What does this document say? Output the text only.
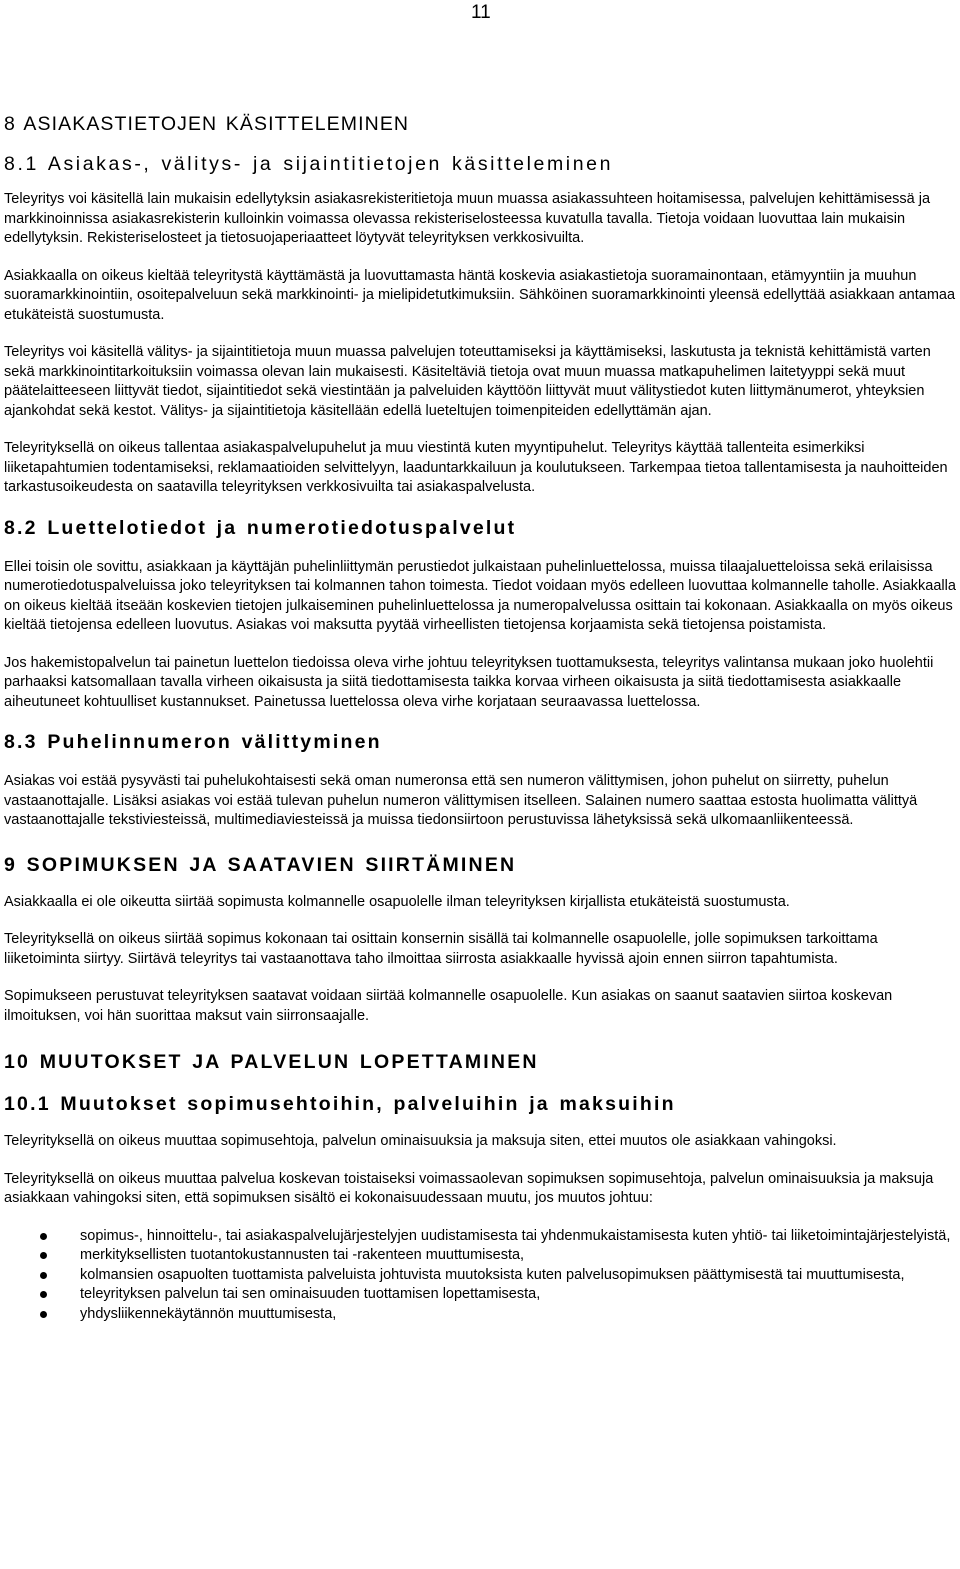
11
8 ASIAKASTIETOJEN KÄSITTELEMINEN
8.1 Asiakas-, välitys- ja sijaintitietojen käsitteleminen

Teleyritys voi käsitellä lain mukaisin edellytyksin asiakasrekisteritietoja muun muassa asiakassuhteen hoitamisessa, palvelujen kehittämisessä ja markkinoinnissa asiakasrekisterin kulloinkin voimassa olevassa rekisteriselosteessa kuvatulla tavalla. Tietoja voidaan luovuttaa lain mukaisin edellytyksin. Rekisteriselosteet ja tietosuojaperiaatteet löytyvät teleyrityksen verkkosivuilta.

Asiakkaalla on oikeus kieltää teleyritystä käyttämästä ja luovuttamasta häntä koskevia asiakastietoja suoramainontaan, etämyyntiin ja muuhun suoramarkkinointiin, osoitepalveluun sekä markkinointi- ja mielipidetutkimuksiin. Sähköinen suoramarkkinointi yleensä edellyttää asiakkaan antamaa etukäteistä suostumusta.

Teleyritys voi käsitellä välitys- ja sijaintitietoja muun muassa palvelujen toteuttamiseksi ja käyttämiseksi, laskutusta ja teknistä kehittämistä varten sekä markkinointitarkoituksiin voimassa olevan lain mukaisesti. Käsiteltäviä tietoja ovat muun muassa matkapuhelimen laitetyyppi sekä muut päätelaitteeseen liittyvät tiedot, sijaintitiedot sekä viestintään ja palveluiden käyttöön liittyvät muut välitystiedot kuten liittymänumerot, yhteyksien ajankohdat sekä kestot. Välitys- ja sijaintitietoja käsitellään edellä lueteltujen toimenpiteiden edellyttämän ajan.

Teleyrityksellä on oikeus tallentaa asiakaspalvelupuhelut ja muu viestintä kuten myyntipuhelut. Teleyritys käyttää tallenteita esimerkiksi liiketapahtumien todentamiseksi, reklamaatioiden selvittelyyn, laaduntarkkailuun ja koulutukseen. Tarkempaa tietoa tallentamisesta ja nauhoitteiden tarkastusoikeudesta on saatavilla teleyrityksen verkkosivuilta tai asiakaspalvelusta.

8.2 Luettelotiedot ja numerotiedotuspalvelut

Ellei toisin ole sovittu, asiakkaan ja käyttäjän puhelinliittymän perustiedot julkaistaan puhelinluettelossa, muissa tilaajaluetteloissa sekä erilaisissa numerotiedotuspalveluissa joko teleyrityksen tai kolmannen tahon toimesta. Tiedot voidaan myös edelleen luovuttaa kolmannelle taholle. Asiakkaalla on oikeus kieltää itseään koskevien tietojen julkaiseminen puhelinluettelossa ja numeropalvelussa osittain tai kokonaan. Asiakkaalla on myös oikeus kieltää tietojensa edelleen luovutus. Asiakas voi maksutta pyytää virheellisten tietojensa korjaamista sekä tietojensa poistamista.

Jos hakemistopalvelun tai painetun luettelon tiedoissa oleva virhe johtuu teleyrityksen tuottamuksesta, teleyritys valintansa mukaan joko huolehtii parhaaksi katsomallaan tavalla virheen oikaisusta ja siitä tiedottamisesta taikka korvaa virheen oikaisusta ja siitä tiedottamisesta asiakkaalle aiheutuneet kohtuulliset kustannukset. Painetussa luettelossa oleva virhe korjataan seuraavassa luettelossa.

8.3 Puhelinnumeron välittyminen

Asiakas voi estää pysyvästi tai puhelukohtaisesti sekä oman numeronsa että sen numeron välittymisen, johon puhelut on siirretty, puhelun vastaanottajalle. Lisäksi asiakas voi estää tulevan puhelun numeron välittymisen itselleen. Salainen numero saattaa estosta huolimatta välittyä vastaanottajalle tekstiviesteissä, multimediaviesteissä ja muissa tiedonsiirtoon perustuvissa lähetyksissä sekä ulkomaanliikenteessä.

9 SOPIMUKSEN JA SAATAVIEN SIIRTÄMINEN

Asiakkaalla ei ole oikeutta siirtää sopimusta kolmannelle osapuolelle ilman teleyrityksen kirjallista etukäteistä suostumusta.

Teleyrityksellä on oikeus siirtää sopimus kokonaan tai osittain konsernin sisällä tai kolmannelle osapuolelle, jolle sopimuksen tarkoittama liiketoiminta siirtyy. Siirtävä teleyritys tai vastaanottava taho ilmoittaa siirrosta asiakkaalle hyvissä ajoin ennen siirron tapahtumista.

Sopimukseen perustuvat teleyrityksen saatavat voidaan siirtää kolmannelle osapuolelle. Kun asiakas on saanut saatavien siirtoa koskevan ilmoituksen, voi hän suorittaa maksut vain siirronsaajalle.

10 MUUTOKSET JA PALVELUN LOPETTAMINEN
10.1 Muutokset sopimusehtoihin, palveluihin ja maksuihin

Teleyrityksellä on oikeus muuttaa sopimusehtoja, palvelun ominaisuuksia ja maksuja siten, ettei muutos ole asiakkaan vahingoksi.

Teleyrityksellä on oikeus muuttaa palvelua koskevan toistaiseksi voimassaolevan sopimuksen sopimusehtoja, palvelun ominaisuuksia ja maksuja asiakkaan vahingoksi siten, että sopimuksen sisältö ei kokonaisuudessaan muutu, jos muutos johtuu:

sopimus-, hinnoittelu-, tai asiakaspalvelujärjestelyjen uudistamisesta tai yhdenmukaistamisesta kuten yhtiö- tai liiketoimintajärjestelyistä,
merkityksellisten tuotantokustannusten tai -rakenteen muuttumisesta,
kolmansien osapuolten tuottamista palveluista johtuvista muutoksista kuten palvelusopimuksen päättymisestä tai muuttumisesta,
teleyrityksen palvelun tai sen ominaisuuden tuottamisen lopettamisesta,
yhdysliikennekäytännön muuttumisesta,
